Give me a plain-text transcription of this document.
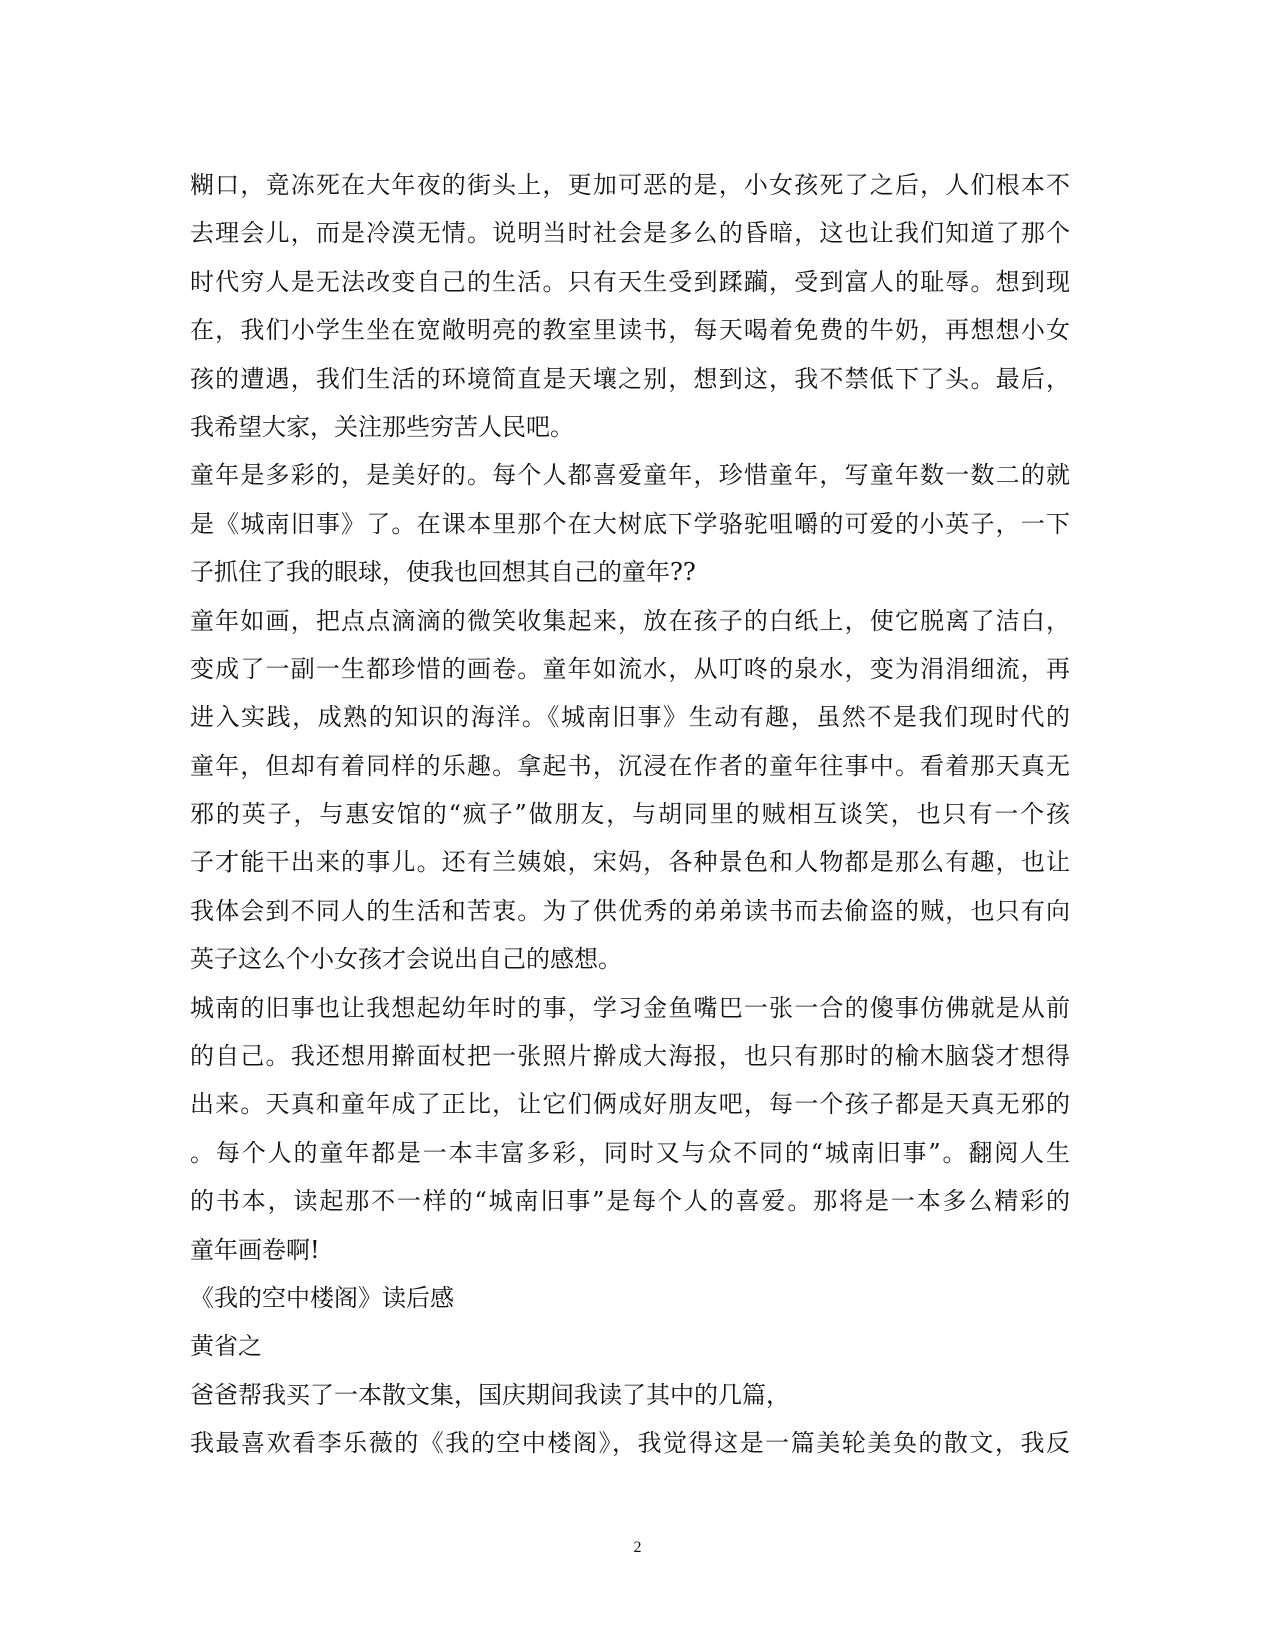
糊口，竟冻死在大年夜的街头上，更加可恶的是，小女孩死了之后，人们根本不
去理会儿，而是冷漠无情。说明当时社会是多么的昏暗，这也让我们知道了那个
时代穷人是无法改变自己的生活。只有天生受到蹂躏，受到富人的耻辱。想到现
在，我们小学生坐在宽敞明亮的教室里读书，每天喝着免费的牛奶，再想想小女
孩的遭遇，我们生活的环境简直是天壤之别，想到这，我不禁低下了头。最后，
我希望大家，关注那些穷苦人民吧。
童年是多彩的，是美好的。每个人都喜爱童年，珍惜童年，写童年数一数二的就
是《城南旧事》了。在课本里那个在大树底下学骆驼咀嚼的可爱的小英子，一下
子抓住了我的眼球，使我也回想其自己的童年??
童年如画，把点点滴滴的微笑收集起来，放在孩子的白纸上，使它脱离了洁白，
变成了一副一生都珍惜的画卷。童年如流水，从叮咚的泉水，变为涓涓细流，再
进入实践，成熟的知识的海洋。《城南旧事》生动有趣，虽然不是我们现时代的
童年，但却有着同样的乐趣。拿起书，沉浸在作者的童年往事中。看着那天真无
邪的英子，与惠安馆的“疯子”做朋友，与胡同里的贼相互谈笑，也只有一个孩
子才能干出来的事儿。还有兰姨娘，宋妈，各种景色和人物都是那么有趣，也让
我体会到不同人的生活和苦衷。为了供优秀的弟弟读书而去偷盗的贼，也只有向
英子这么个小女孩才会说出自己的感想。
城南的旧事也让我想起幼年时的事，学习金鱼嘴巴一张一合的傻事仿佛就是从前
的自己。我还想用擀面杖把一张照片擀成大海报，也只有那时的榆木脑袋才想得
出来。天真和童年成了正比，让它们俩成好朋友吧，每一个孩子都是天真无邪的
。每个人的童年都是一本丰富多彩，同时又与众不同的“城南旧事”。翻阅人生
的书本，读起那不一样的“城南旧事”是每个人的喜爱。那将是一本多么精彩的
童年画卷啊!
《我的空中楼阁》读后感
黄省之
爸爸帮我买了一本散文集，国庆期间我读了其中的几篇，
我最喜欢看李乐薇的《我的空中楼阁》，我觉得这是一篇美轮美奂的散文，我反
2
